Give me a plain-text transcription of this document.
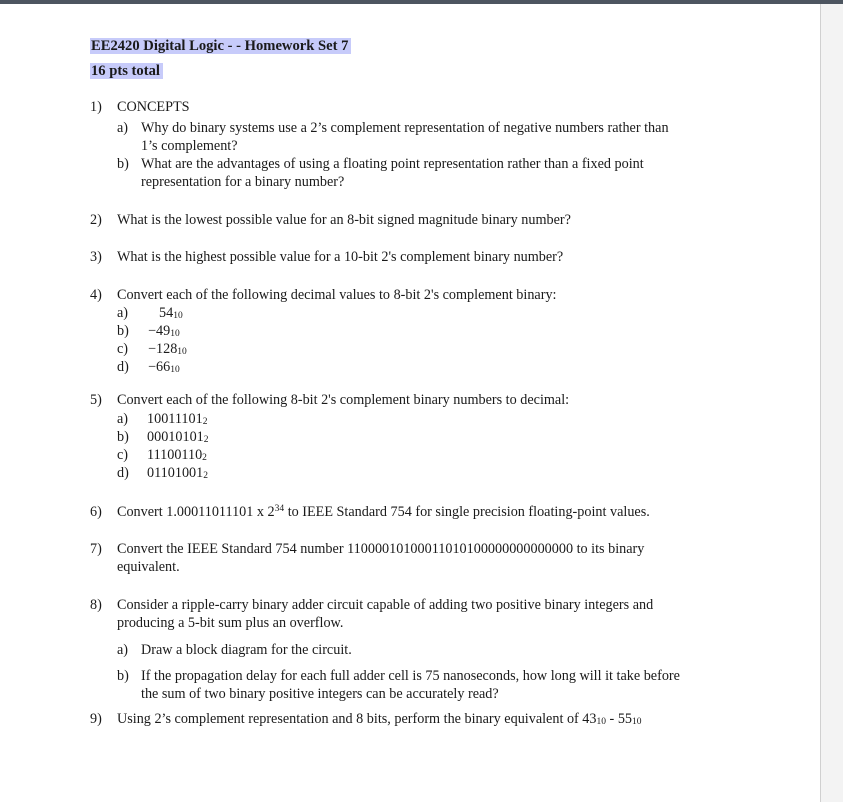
EE2420 Digital Logic - - Homework Set 7
16 pts total
1) CONCEPTS
a) Why do binary systems use a 2’s complement representation of negative numbers rather than
1’s complement?
b) What are the advantages of using a floating point representation rather than a fixed point
representation for a binary number?
2) What is the lowest possible value for an 8-bit signed magnitude binary number?
3) What is the highest possible value for a 10-bit 2's complement binary number?
4) Convert each of the following decimal values to 8-bit 2's complement binary:
a) $54_{10}$
$b) -49_{10}$
$c) -128_{10}$
$d) -66_{10}$
5) Convert each of the following 8-bit 2's complement binary numbers to decimal:
a) $10011101_2$
b) $00010101_2$
c) $11100110_2$
d) $01101001_2$
6) Convert 1.00011011101 x $2^{34}$ to IEEE Standard 754 for single precision floating-point values.
7) Convert the IEEE Standard 754 number 11000010100011010100000000000000 to its binary
equivalent.
8) Consider a ripple-carry binary adder circuit capable of adding two positive binary integers and
producing a 5-bit sum plus an overflow.
a) Draw a block diagram for the circuit.
b) If the propagation delay for each full adder cell is 75 nanoseconds, how long will it take before
the sum of two binary positive integers can be accurately read?
9) Using 2’s complement representation and 8 bits, perform the binary equivalent of $43_{10} - 55_{10}$
